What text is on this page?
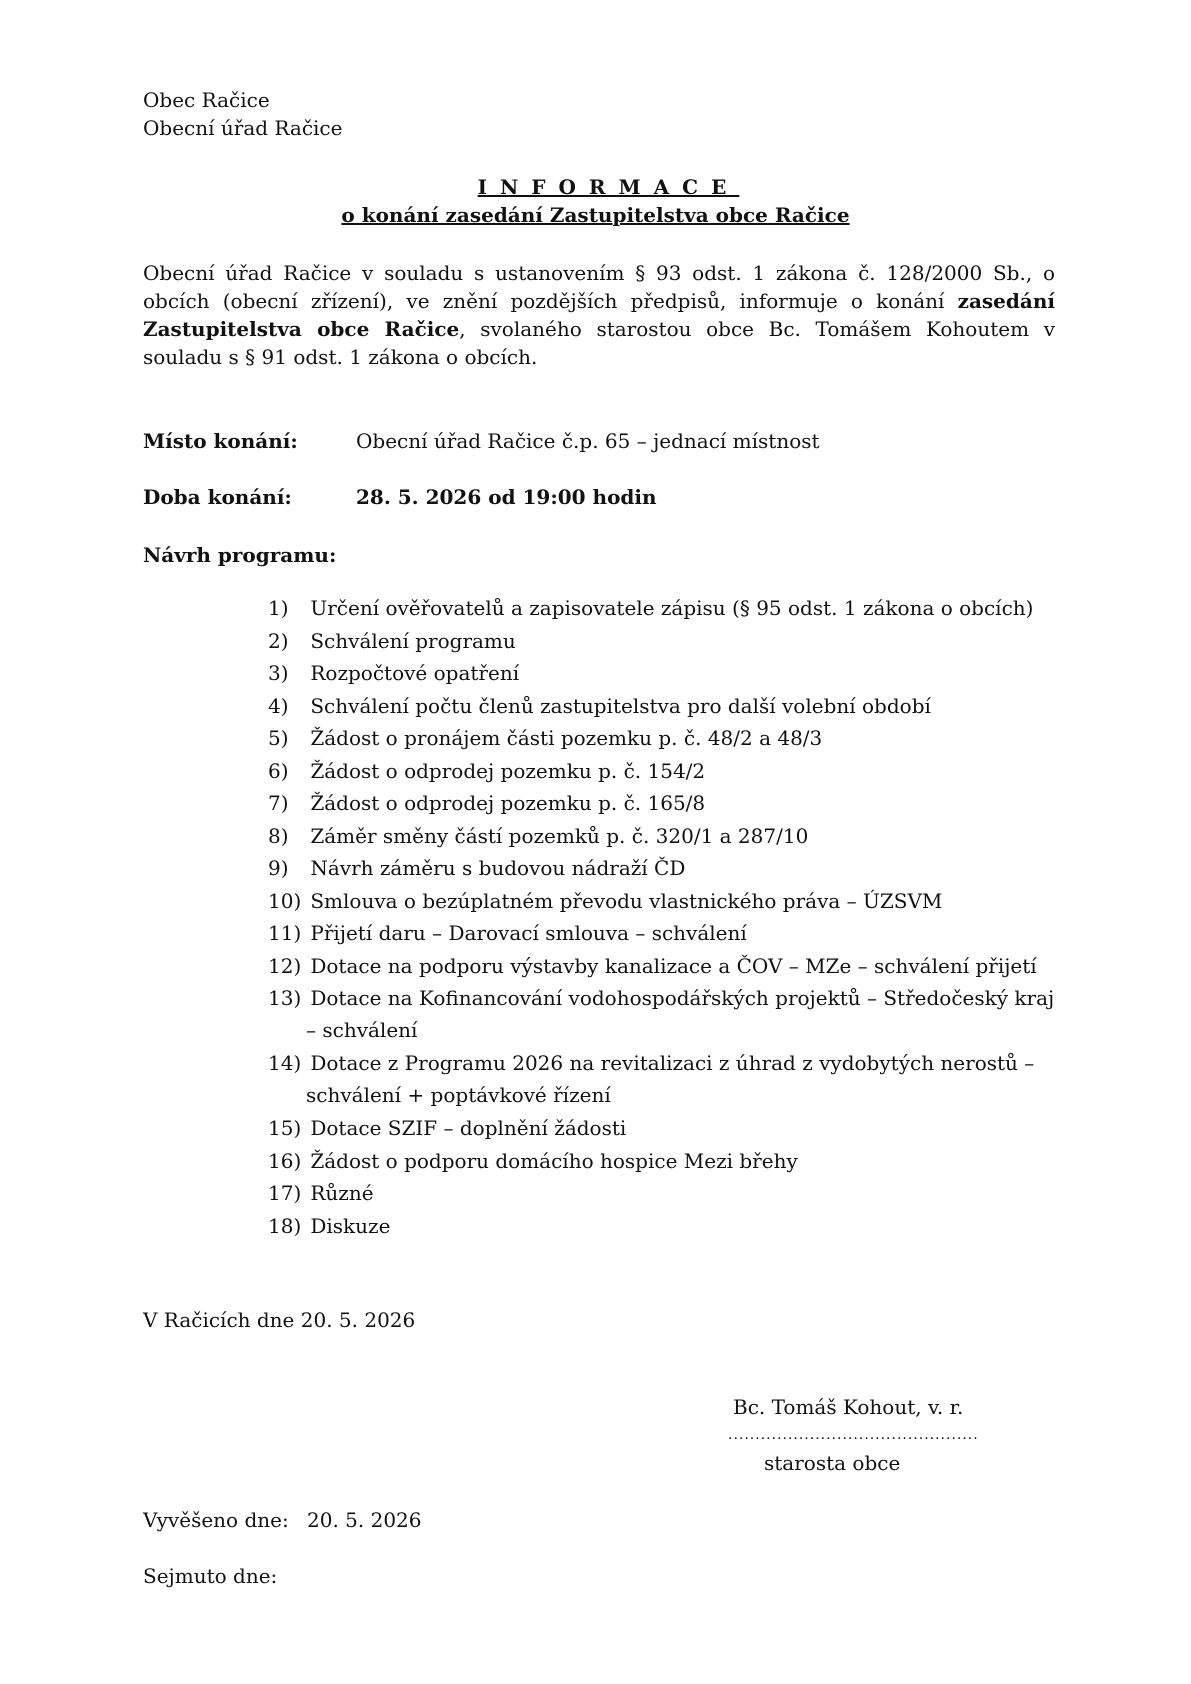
Obec Račice
Obecní úřad Račice
INFORMACE
o konání zasedání Zastupitelstva obce Račice
Obecní úřad Račice v souladu s ustanovením § 93 odst. 1 zákona č. 128/2000 Sb., o obcích (obecní zřízení), ve znění pozdějších předpisů, informuje o konání zasedání Zastupitelstva obce Račice, svolaného starostou obce Bc. Tomášem Kohoutem v souladu s § 91 odst. 1 zákona o obcích.
Místo konání:	Obecní úřad Račice č.p. 65 – jednací místnost
Doba konání:	28. 5. 2026 od 19:00 hodin
Návrh programu:
1) Určení ověřovatelů a zapisovatele zápisu (§ 95 odst. 1 zákona o obcích)
2) Schválení programu
3) Rozpočtové opatření
4) Schválení počtu členů zastupitelstva pro další volební období
5) Žádost o pronájem části pozemku p. č. 48/2 a 48/3
6) Žádost o odprodej pozemku p. č. 154/2
7) Žádost o odprodej pozemku p. č. 165/8
8) Záměr směny částí pozemků p. č. 320/1 a 287/10
9) Návrh záměru s budovou nádraží ČD
10) Smlouva o bezúplatném převodu vlastnického práva – ÚZSVM
11) Přijetí daru – Darovací smlouva – schválení
12) Dotace na podporu výstavby kanalizace a ČOV – MZe – schválení přijetí
13) Dotace na Kofinancování vodohospodářských projektů – Středočeský kraj
– schválení
14) Dotace z Programu 2026 na revitalizaci z úhrad z vydobytých nerostů –
schválení + poptávkové řízení
15) Dotace SZIF – doplnění žádosti
16) Žádost o podporu domácího hospice Mezi břehy
17) Různé
18) Diskuze
V Račicích dne 20. 5. 2026
Bc. Tomáš Kohout, v. r.
..............................................
starosta obce
Vyvěšeno dne: 20. 5. 2026
Sejmuto dne:
